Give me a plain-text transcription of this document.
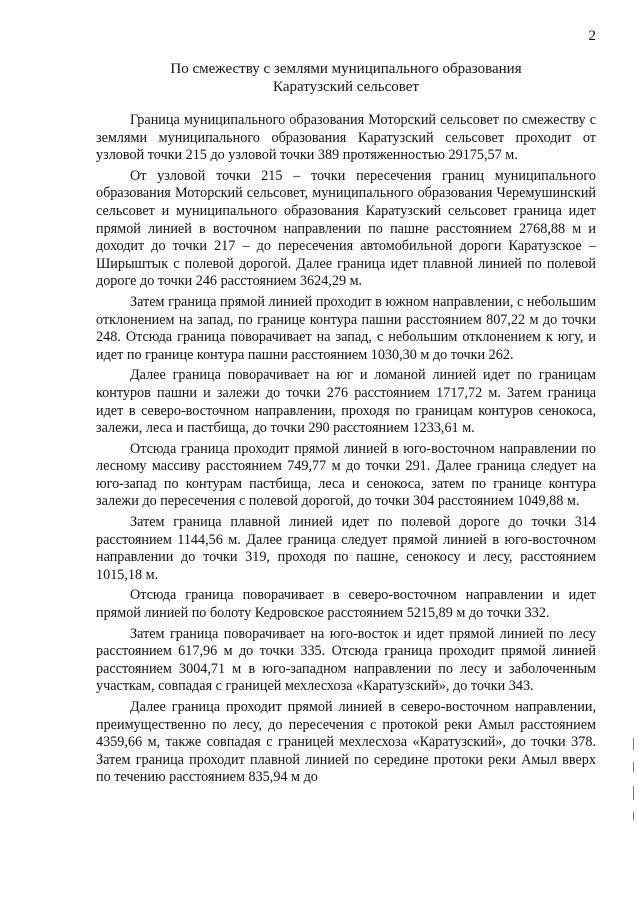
2
По смежеству с землями муниципального образования
Каратузский сельсовет

Граница муниципального образования Моторский сельсовет по смежеству с землями муниципального образования Каратузский сельсовет проходит от узловой точки 215 до узловой точки 389 протяженностью 29175,57 м.

От узловой точки 215 – точки пересечения границ муниципального образования Моторский сельсовет, муниципального образования Черемушинский сельсовет и муниципального образования Каратузский сельсовет граница идет прямой линией в восточном направлении по пашне расстоянием 2768,88 м и доходит до точки 217 – до пересечения автомобильной дороги Каратузское – Ширыштык с полевой дорогой. Далее граница идет плавной линией по полевой дороге до точки 246 расстоянием 3624,29 м.

Затем граница прямой линией проходит в южном направлении, с небольшим отклонением на запад, по границе контура пашни расстоянием 807,22 м до точки 248. Отсюда граница поворачивает на запад, с небольшим отклонением к югу, и идет по границе контура пашни расстоянием 1030,30 м до точки 262.

Далее граница поворачивает на юг и ломаной линией идет по границам контуров пашни и залежи до точки 276 расстоянием 1717,72 м. Затем граница идет в северо-восточном направлении, проходя по границам контуров сенокоса, залежи, леса и пастбища, до точки 290 расстоянием 1233,61 м.

Отсюда граница проходит прямой линией в юго-восточном направлении по лесному массиву расстоянием 749,77 м до точки 291. Далее граница следует на юго-запад по контурам пастбища, леса и сенокоса, затем по границе контура залежи до пересечения с полевой дорогой, до точки 304 расстоянием 1049,88 м.

Затем граница плавной линией идет по полевой дороге до точки 314 расстоянием 1144,56 м. Далее граница следует прямой линией в юго-восточном направлении до точки 319, проходя по пашне, сенокосу и лесу, расстоянием 1015,18 м.

Отсюда граница поворачивает в северо-восточном направлении и идет прямой линией по болоту Кедровское расстоянием 5215,89 м до точки 332.

Затем граница поворачивает на юго-восток и идет прямой линией по лесу расстоянием 617,96 м до точки 335. Отсюда граница проходит прямой линией расстоянием 3004,71 м в юго-западном направлении по лесу и заболоченным участкам, совпадая с границей мехлесхоза «Каратузский», до точки 343.

Далее граница проходит прямой линией в северо-восточном направлении, преимущественно по лесу, до пересечения с протокой реки Амыл расстоянием 4359,66 м, также совпадая с границей мехлесхоза «Каратузский», до точки 378. Затем граница проходит плавной линией по середине протоки реки Амыл вверх по течению расстоянием 835,94 м до
